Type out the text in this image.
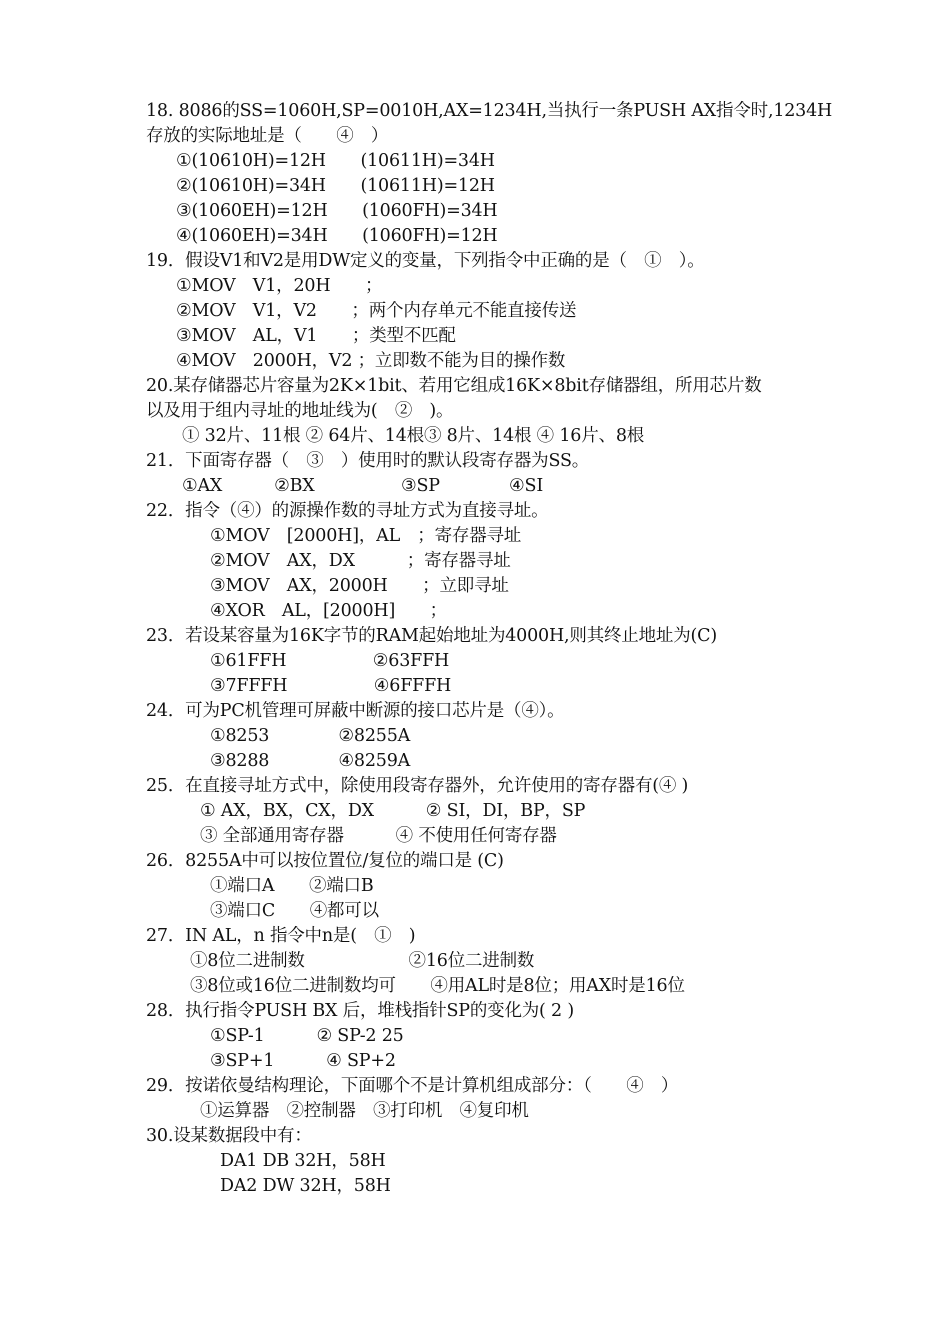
18. 8086的SS=1060H,SP=0010H,AX=1234H,当执行一条PUSH AX指令时,1234H
存放的实际地址是（　　④　）
①(10610H)=12H　　(10611H)=34H
②(10610H)=34H　　(10611H)=12H
③(1060EH)=12H　　(1060FH)=34H
④(1060EH)=34H　　(1060FH)=12H
19．假设V1和V2是用DW定义的变量，下列指令中正确的是（　①　）。
①MOV　V1，20H　　；
②MOV　V1，V2　　；两个内存单元不能直接传送
③MOV　AL，V1　　；类型不匹配
④MOV　2000H，V2 ；立即数不能为目的操作数
20.某存储器芯片容量为2K×1bit、若用它组成16K×8bit存储器组，所用芯片数
以及用于组内寻址的地址线为(　②　)。
① 32片、11根 ② 64片、14根③ 8片、14根 ④ 16片、8根
21．下面寄存器（　③　）使用时的默认段寄存器为SS。
①AX　　　②BX　　　　　③SP　　　　④SI
22．指令（④）的源操作数的寻址方式为直接寻址。
①MOV　[2000H]，AL　；寄存器寻址
②MOV　AX，DX　　　；寄存器寻址
③MOV　AX，2000H　　；立即寻址
④XOR　AL，[2000H]　　；
23．若设某容量为16K字节的RAM起始地址为4000H,则其终止地址为(C)
①61FFH　　　　　②63FFH
③7FFFH　　　　　④6FFFH
24．可为PC机管理可屏蔽中断源的接口芯片是（④）。
①8253　　　　②8255A
③8288　　　　④8259A
25．在直接寻址方式中，除使用段寄存器外，允许使用的寄存器有(④ )
① AX，BX，CX，DX　　　② SI，DI，BP，SP
③ 全部通用寄存器　　　④ 不使用任何寄存器
26．8255A中可以按位置位/复位的端口是 (C)
①端口A　　②端口B
③端口C　　④都可以
27．IN AL，n 指令中n是(　①　)
①8位二进制数　　　　　　②16位二进制数
③8位或16位二进制数均可　　④用AL时是8位；用AX时是16位
28．执行指令PUSH BX 后，堆栈指针SP的变化为( 2 )
①SP-1　　　② SP-2 25
③SP+1　　　④ SP+2
29．按诺依曼结构理论，下面哪个不是计算机组成部分：（　　④　）
①运算器　②控制器　③打印机　④复印机
30.设某数据段中有：
DA1 DB 32H，58H
DA2 DW 32H，58H
